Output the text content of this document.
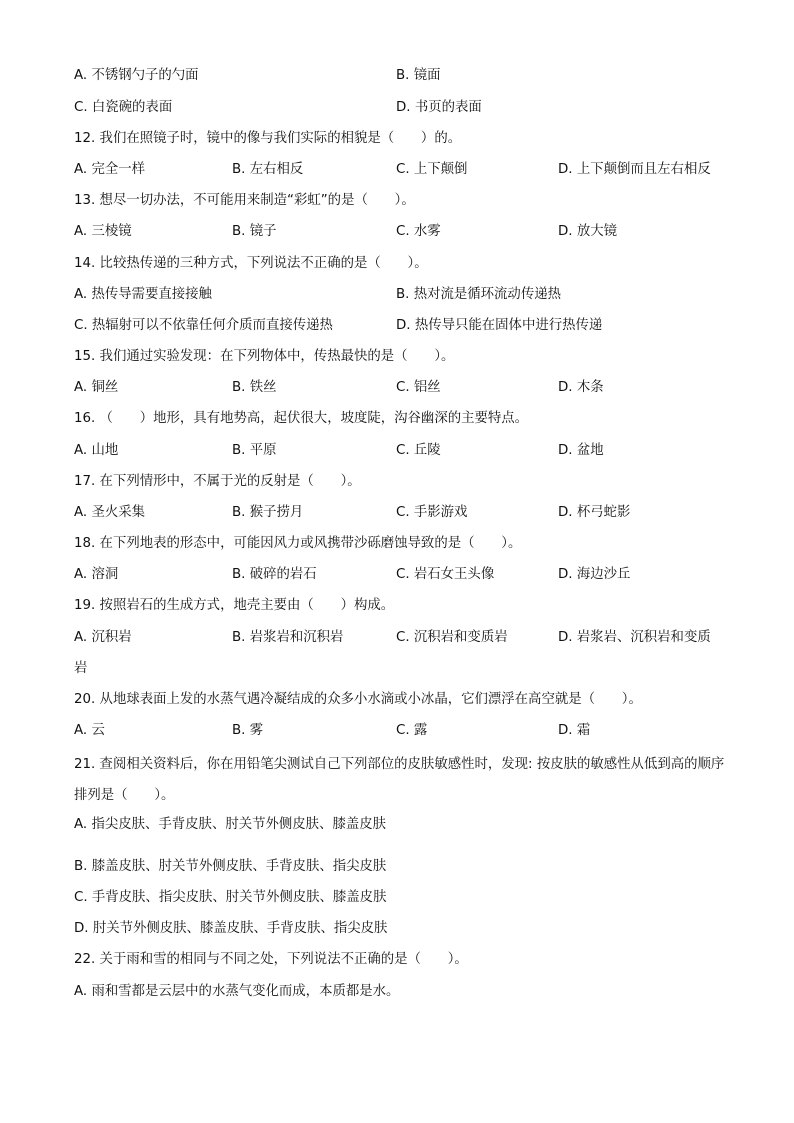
A. 不锈钢勺子的勺面	B. 镜面
C. 白瓷碗的表面	D. 书页的表面
12. 我们在照镜子时，镜中的像与我们实际的相貌是（　　）的。
A. 完全一样	B. 左右相反	C. 上下颠倒	D. 上下颠倒而且左右相反
13. 想尽一切办法，不可能用来制造“彩虹”的是（　　）。
A. 三棱镜	B. 镜子	C. 水雾	D. 放大镜
14. 比较热传递的三种方式，下列说法不正确的是（　　）。
A. 热传导需要直接接触	B. 热对流是循环流动传递热
C. 热辐射可以不依靠任何介质而直接传递热	D. 热传导只能在固体中进行热传递
15. 我们通过实验发现：在下列物体中，传热最快的是（　　）。
A. 铜丝	B. 铁丝	C. 铝丝	D. 木条
16. （　　）地形，具有地势高，起伏很大，坡度陡，沟谷幽深的主要特点。
A. 山地	B. 平原	C. 丘陵	D. 盆地
17. 在下列情形中，不属于光的反射是（　　）。
A. 圣火采集	B. 猴子捞月	C. 手影游戏	D. 杯弓蛇影
18. 在下列地表的形态中，可能因风力或风携带沙砾磨蚀导致的是（　　）。
A. 溶洞	B. 破碎的岩石	C. 岩石女王头像	D. 海边沙丘
19. 按照岩石的生成方式，地壳主要由（　　）构成。
A. 沉积岩	B. 岩浆岩和沉积岩	C. 沉积岩和变质岩	D. 岩浆岩、沉积岩和变质
岩
20. 从地球表面上发的水蒸气遇冷凝结成的众多小水滴或小冰晶，它们漂浮在高空就是（　　）。
A. 云	B. 雾	C. 露	D. 霜
21. 查阅相关资料后，你在用铅笔尖测试自己下列部位的皮肤敏感性时，发现: 按皮肤的敏感性从低到高的顺序排列是（　　）。
A. 指尖皮肤、手背皮肤、肘关节外侧皮肤、膝盖皮肤
B. 膝盖皮肤、肘关节外侧皮肤、手背皮肤、指尖皮肤
C. 手背皮肤、指尖皮肤、肘关节外侧皮肤、膝盖皮肤
D. 肘关节外侧皮肤、膝盖皮肤、手背皮肤、指尖皮肤
22. 关于雨和雪的相同与不同之处，下列说法不正确的是（　　）。
A. 雨和雪都是云层中的水蒸气变化而成，本质都是水。
